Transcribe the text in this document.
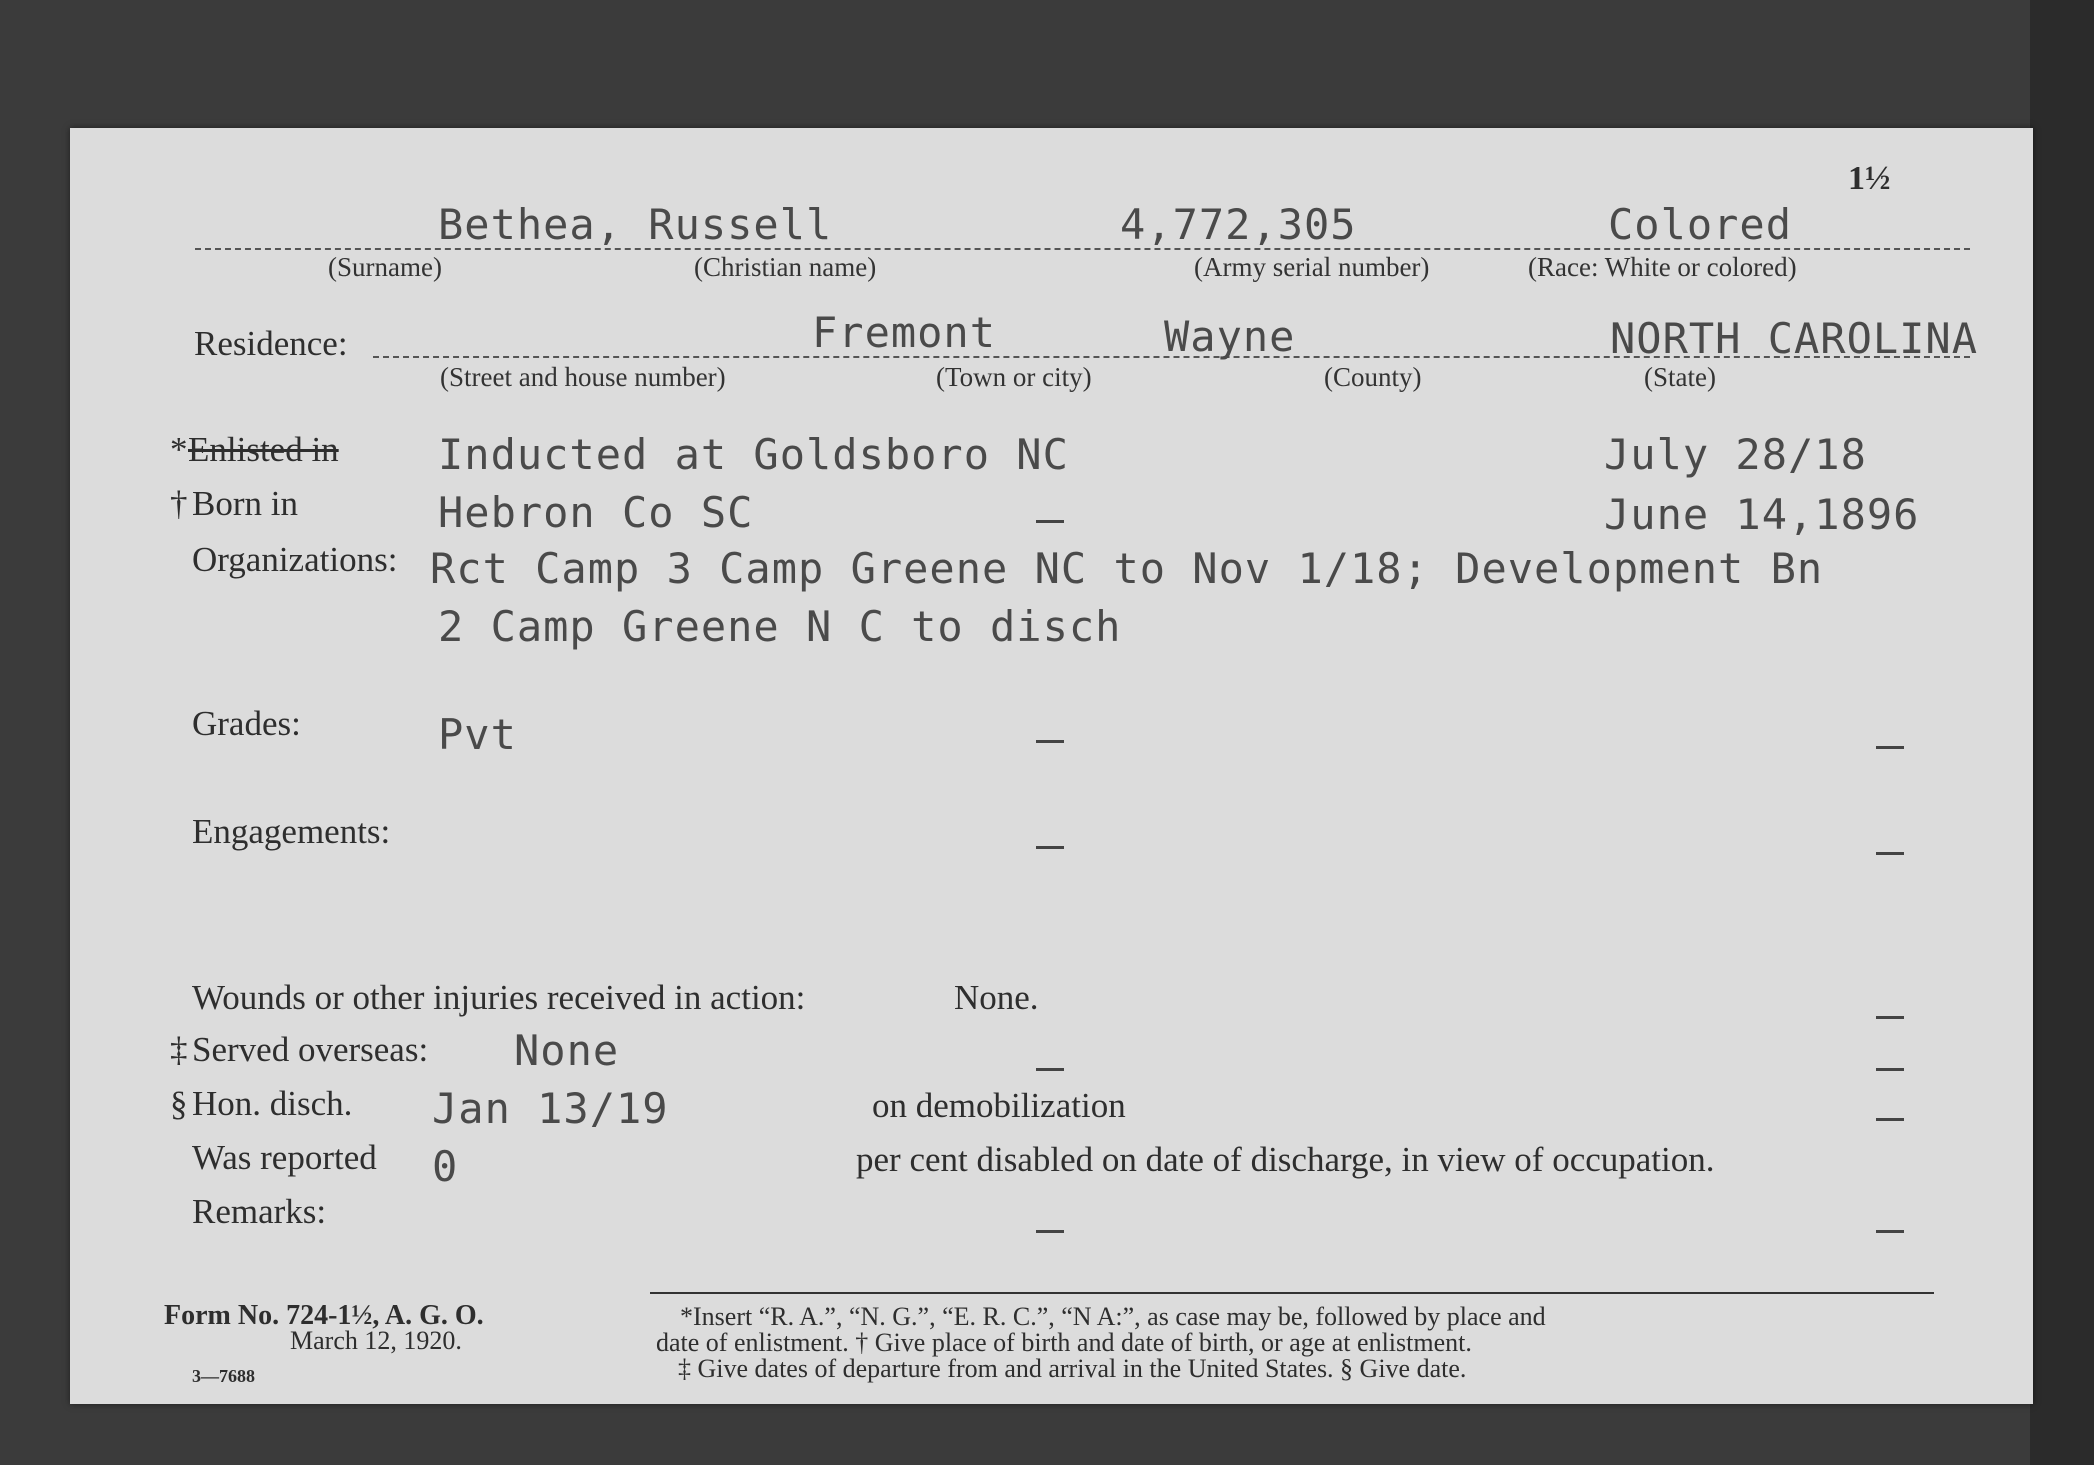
1½
Bethea, Russell	4,772,305	Colored
(Surname)	(Christian name)	(Army serial number)	(Race: White or colored)
Residence:	Fremont	Wayne	NORTH CAROLINA
(Street and house number)	(Town or city)	(County)	(State)
* Enlisted in Inducted at Goldsboro NC	July 28/18
† Born in	Hebron Co SC	June 14,1896
Organizations: Rct Camp 3 Camp Greene NC to Nov 1/18; Development Bn
2 Camp Greene N C to disch
Grades:	Pvt
Engagements:
Wounds or other injuries received in action:	None.
‡ Served overseas: None
§ Hon. disch. Jan 13/19	on demobilization
Was reported 0	per cent disabled on date of discharge, in view of occupation.
Remarks:
Form No. 724-1½, A. G. O.
March 12, 1920.
3—7688
*Insert “R. A.”, “N. G.”, “E. R. C.”, “N A:”, as case may be, followed by place and
date of enlistment. † Give place of birth and date of birth, or age at enlistment.
‡ Give dates of departure from and arrival in the United States. § Give date.
